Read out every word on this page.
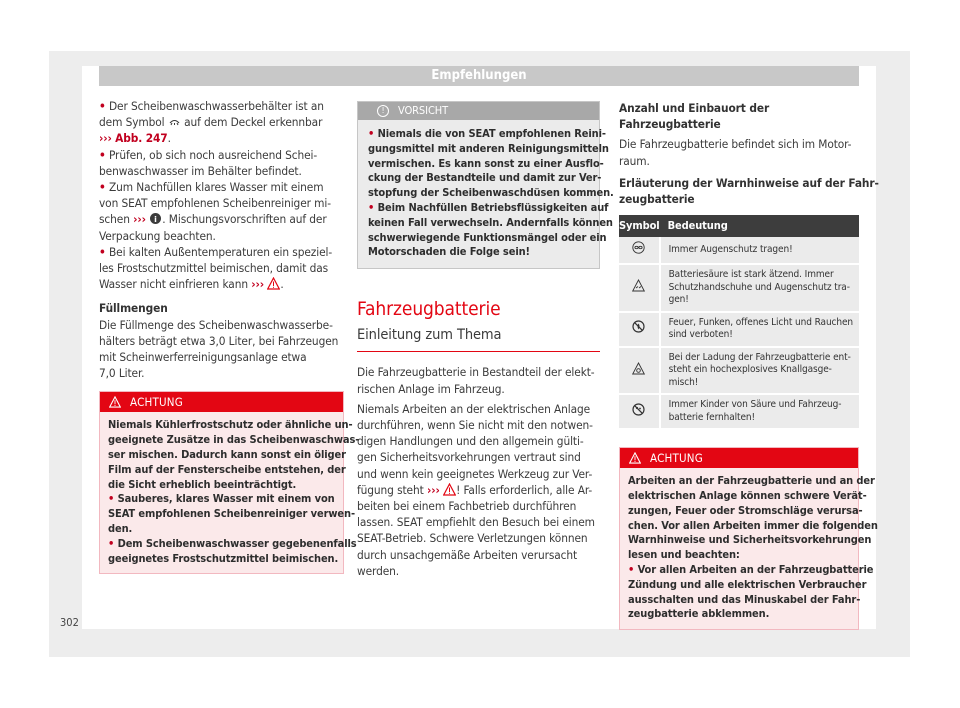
Empfehlungen
• Der Scheibenwaschwasserbehälter ist an
dem Symbol  auf dem Deckel erkennbar
››› Abb. 247.
• Prüfen, ob sich noch ausreichend Schei-
benwaschwasser im Behälter befindet.
• Zum Nachfüllen klares Wasser mit einem
von SEAT empfohlenen Scheibenreiniger mi-
schen ››› i . Mischungsvorschriften auf der
Verpackung beachten.
• Bei kalten Außentemperaturen ein speziel-
les Frostschutzmittel beimischen, damit das
Wasser nicht einfrieren kann ››› .
Füllmengen
Die Füllmenge des Scheibenwaschwasserbe-
hälters beträgt etwa 3,0 Liter, bei Fahrzeugen
mit Scheinwerferreinigungsanlage etwa
7,0 Liter.
ACHTUNG
Niemals Kühlerfrostschutz oder ähnliche un-
geeignete Zusätze in das Scheibenwaschwas-
ser mischen. Dadurch kann sonst ein öliger
Film auf der Fensterscheibe entstehen, der
die Sicht erheblich beeinträchtigt.
• Sauberes, klares Wasser mit einem von
SEAT empfohlenen Scheibenreiniger verwen-
den.
• Dem Scheibenwaschwasser gegebenenfalls
geeignetes Frostschutzmittel beimischen.
!	VORSICHT
• Niemals die von SEAT empfohlenen Reini-
gungsmittel mit anderen Reinigungsmitteln
vermischen. Es kann sonst zu einer Ausflo-
ckung der Bestandteile und damit zur Ver-
stopfung der Scheibenwaschdüsen kommen.
• Beim Nachfüllen Betriebsflüssigkeiten auf
keinen Fall verwechseln. Andernfalls können
schwerwiegende Funktionsmängel oder ein
Motorschaden die Folge sein!
Fahrzeugbatterie
Einleitung zum Thema
Die Fahrzeugbatterie in Bestandteil der elekt-
rischen Anlage im Fahrzeug.
Niemals Arbeiten an der elektrischen Anlage
durchführen, wenn Sie nicht mit den notwen-
digen Handlungen und den allgemein gülti-
gen Sicherheitsvorkehrungen vertraut sind
und wenn kein geeignetes Werkzeug zur Ver-
fügung steht ››› ! Falls erforderlich, alle Ar-
beiten bei einem Fachbetrieb durchführen
lassen. SEAT empfiehlt den Besuch bei einem
SEAT-Betrieb. Schwere Verletzungen können
durch unsachgemäße Arbeiten verursacht
werden.
Anzahl und Einbauort der Fahrzeugbatterie
Die Fahrzeugbatterie befindet sich im Motor-
raum.
Erläuterung der Warnhinweise auf der Fahr-
zeugbatterie
Symbol	Bedeutung

Immer Augenschutz tragen!

Batteriesäure ist stark ätzend. Immer
Schutzhandschuhe und Augenschutz tra-
gen!

Feuer, Funken, offenes Licht und Rauchen
sind verboten!

Bei der Ladung der Fahrzeugbatterie ent-
steht ein hochexplosives Knallgasge-
misch!

Immer Kinder von Säure und Fahrzeug-
batterie fernhalten!
ACHTUNG
Arbeiten an der Fahrzeugbatterie und an der
elektrischen Anlage können schwere Verät-
zungen, Feuer oder Stromschläge verursa-
chen. Vor allen Arbeiten immer die folgenden
Warnhinweise und Sicherheitsvorkehrungen
lesen und beachten:
• Vor allen Arbeiten an der Fahrzeugbatterie
Zündung und alle elektrischen Verbraucher
ausschalten und das Minuskabel der Fahr-
zeugbatterie abklemmen.
302
